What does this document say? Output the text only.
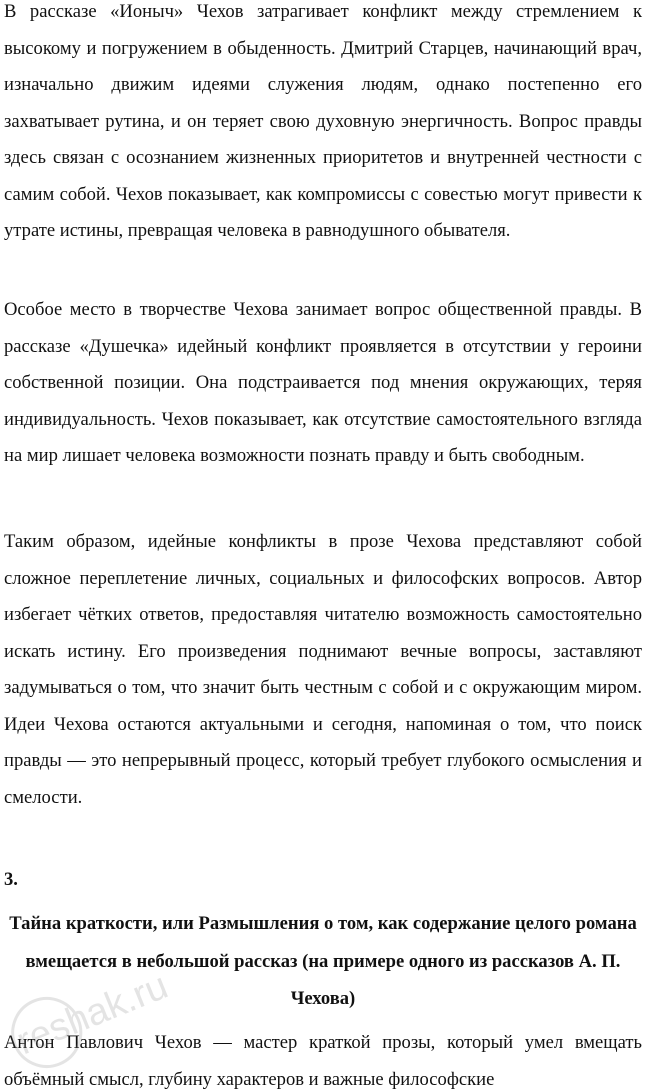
В рассказе «Ионыч» Чехов затрагивает конфликт между стремлением к высокому и погружением в обыденность. Дмитрий Старцев, начинающий врач, изначально движим идеями служения людям, однако постепенно его захватывает рутина, и он теряет свою духовную энергичность. Вопрос правды здесь связан с осознанием жизненных приоритетов и внутренней честности с самим собой. Чехов показывает, как компромиссы с совестью могут привести к утрате истины, превращая человека в равнодушного обывателя.

Особое место в творчестве Чехова занимает вопрос общественной правды. В рассказе «Душечка» идейный конфликт проявляется в отсутствии у героини собственной позиции. Она подстраивается под мнения окружающих, теряя индивидуальность. Чехов показывает, как отсутствие самостоятельного взгляда на мир лишает человека возможности познать правду и быть свободным.

Таким образом, идейные конфликты в прозе Чехова представляют собой сложное переплетение личных, социальных и философских вопросов. Автор избегает чётких ответов, предоставляя читателю возможность самостоятельно искать истину. Его произведения поднимают вечные вопросы, заставляют задумываться о том, что значит быть честным с собой и с окружающим миром. Идеи Чехова остаются актуальными и сегодня, напоминая о том, что поиск правды — это непрерывный процесс, который требует глубокого осмысления и смелости.

3.

Тайна краткости, или Размышления о том, как содержание целого романа вмещается в небольшой рассказ (на примере одного из рассказов А. П. Чехова)

Антон Павлович Чехов — мастер краткой прозы, который умел вмещать объёмный смысл, глубину характеров и важные философские

reshak.ru
